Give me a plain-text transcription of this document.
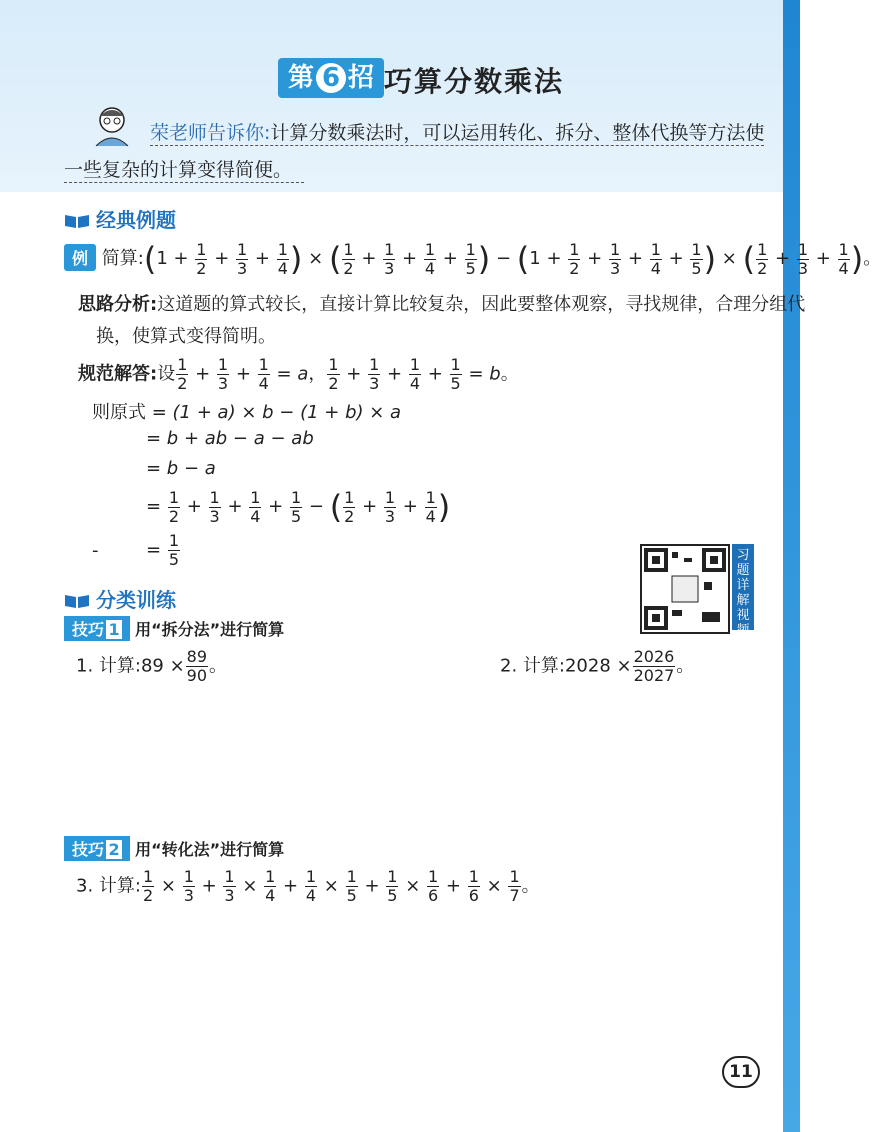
第 6 招 巧算分数乘法
荣老师告诉你:计算分数乘法时，可以运用转化、拆分、整体代换等方法使
一些复杂的计算变得简便。
经典例题
例 简算:(1 + $\frac{1}{2} + \frac{1}{3} + \frac{1}{4}$ ) × ( $\frac{1}{2} + \frac{1}{3} + \frac{1}{4} + \frac{1}{5}$ ) − ($1 + \frac{1}{2} + \frac{1}{3} + \frac{1}{4} + \frac{1}{5}$ ) × ( $\frac{1}{2} + \frac{1}{3} + \frac{1}{4}$ )。
思路分析:这道题的算式较长，直接计算比较复杂，因此要整体观察，寻找规律，合理分组代
换，使算式变得简明。
规范解答:设 $\frac{1}{2} + \frac{1}{3} + \frac{1}{4} = a$， $\frac{1}{2} + \frac{1}{3} + \frac{1}{4} + \frac{1}{5} = b$。
则原式 = (1 + a) × b − (1 + b) × a
= b + ab − a − ab
= b − a
= $\frac{1}{2} + \frac{1}{3} + \frac{1}{4} + \frac{1}{5}$ − ( $\frac{1}{2} + \frac{1}{3} + \frac{1}{4}$ )
-	= $\frac{1}{5}$	习题详解视频
分类训练
技巧 1 用“拆分法”进行简算
1. 计算:89 × $\frac{89}{90}$ 。	2. 计算:2028 × $\frac{2026}{2027}$ 。
技巧 2 用“转化法”进行简算
3. 计算: $\frac{1}{2} \times \frac{1}{3} + \frac{1}{3} \times \frac{1}{4} + \frac{1}{4} \times \frac{1}{5} + \frac{1}{5} \times \frac{1}{6} + \frac{1}{6} \times \frac{1}{7}$ 。
11
